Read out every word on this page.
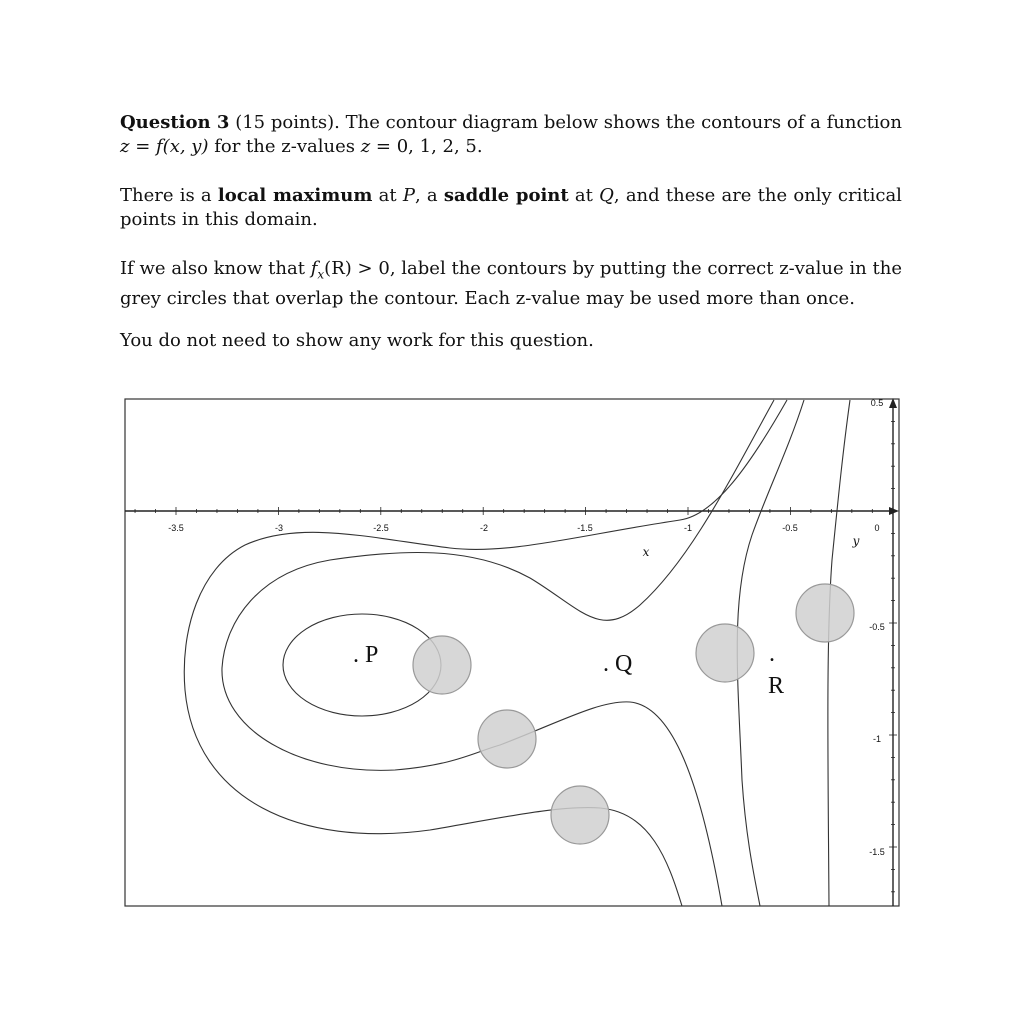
Question 3 (15 points). The contour diagram below shows the contours of a function z = f(x, y) for the z-values z = 0, 1, 2, 5.
There is a local maximum at P, a saddle point at Q, and these are the only critical points in this domain.
If we also know that $f_x(R) > 0$, label the contours by putting the correct z-value in the grey circles that overlap the contour. Each z-value may be used more than once.
You do not need to show any work for this question.
-3.5	-3	-2.5	-2	-1.5	-1	-0.5	0
0.5
-0.5
-1
-1.5
x
y
. P	. Q	.
R
